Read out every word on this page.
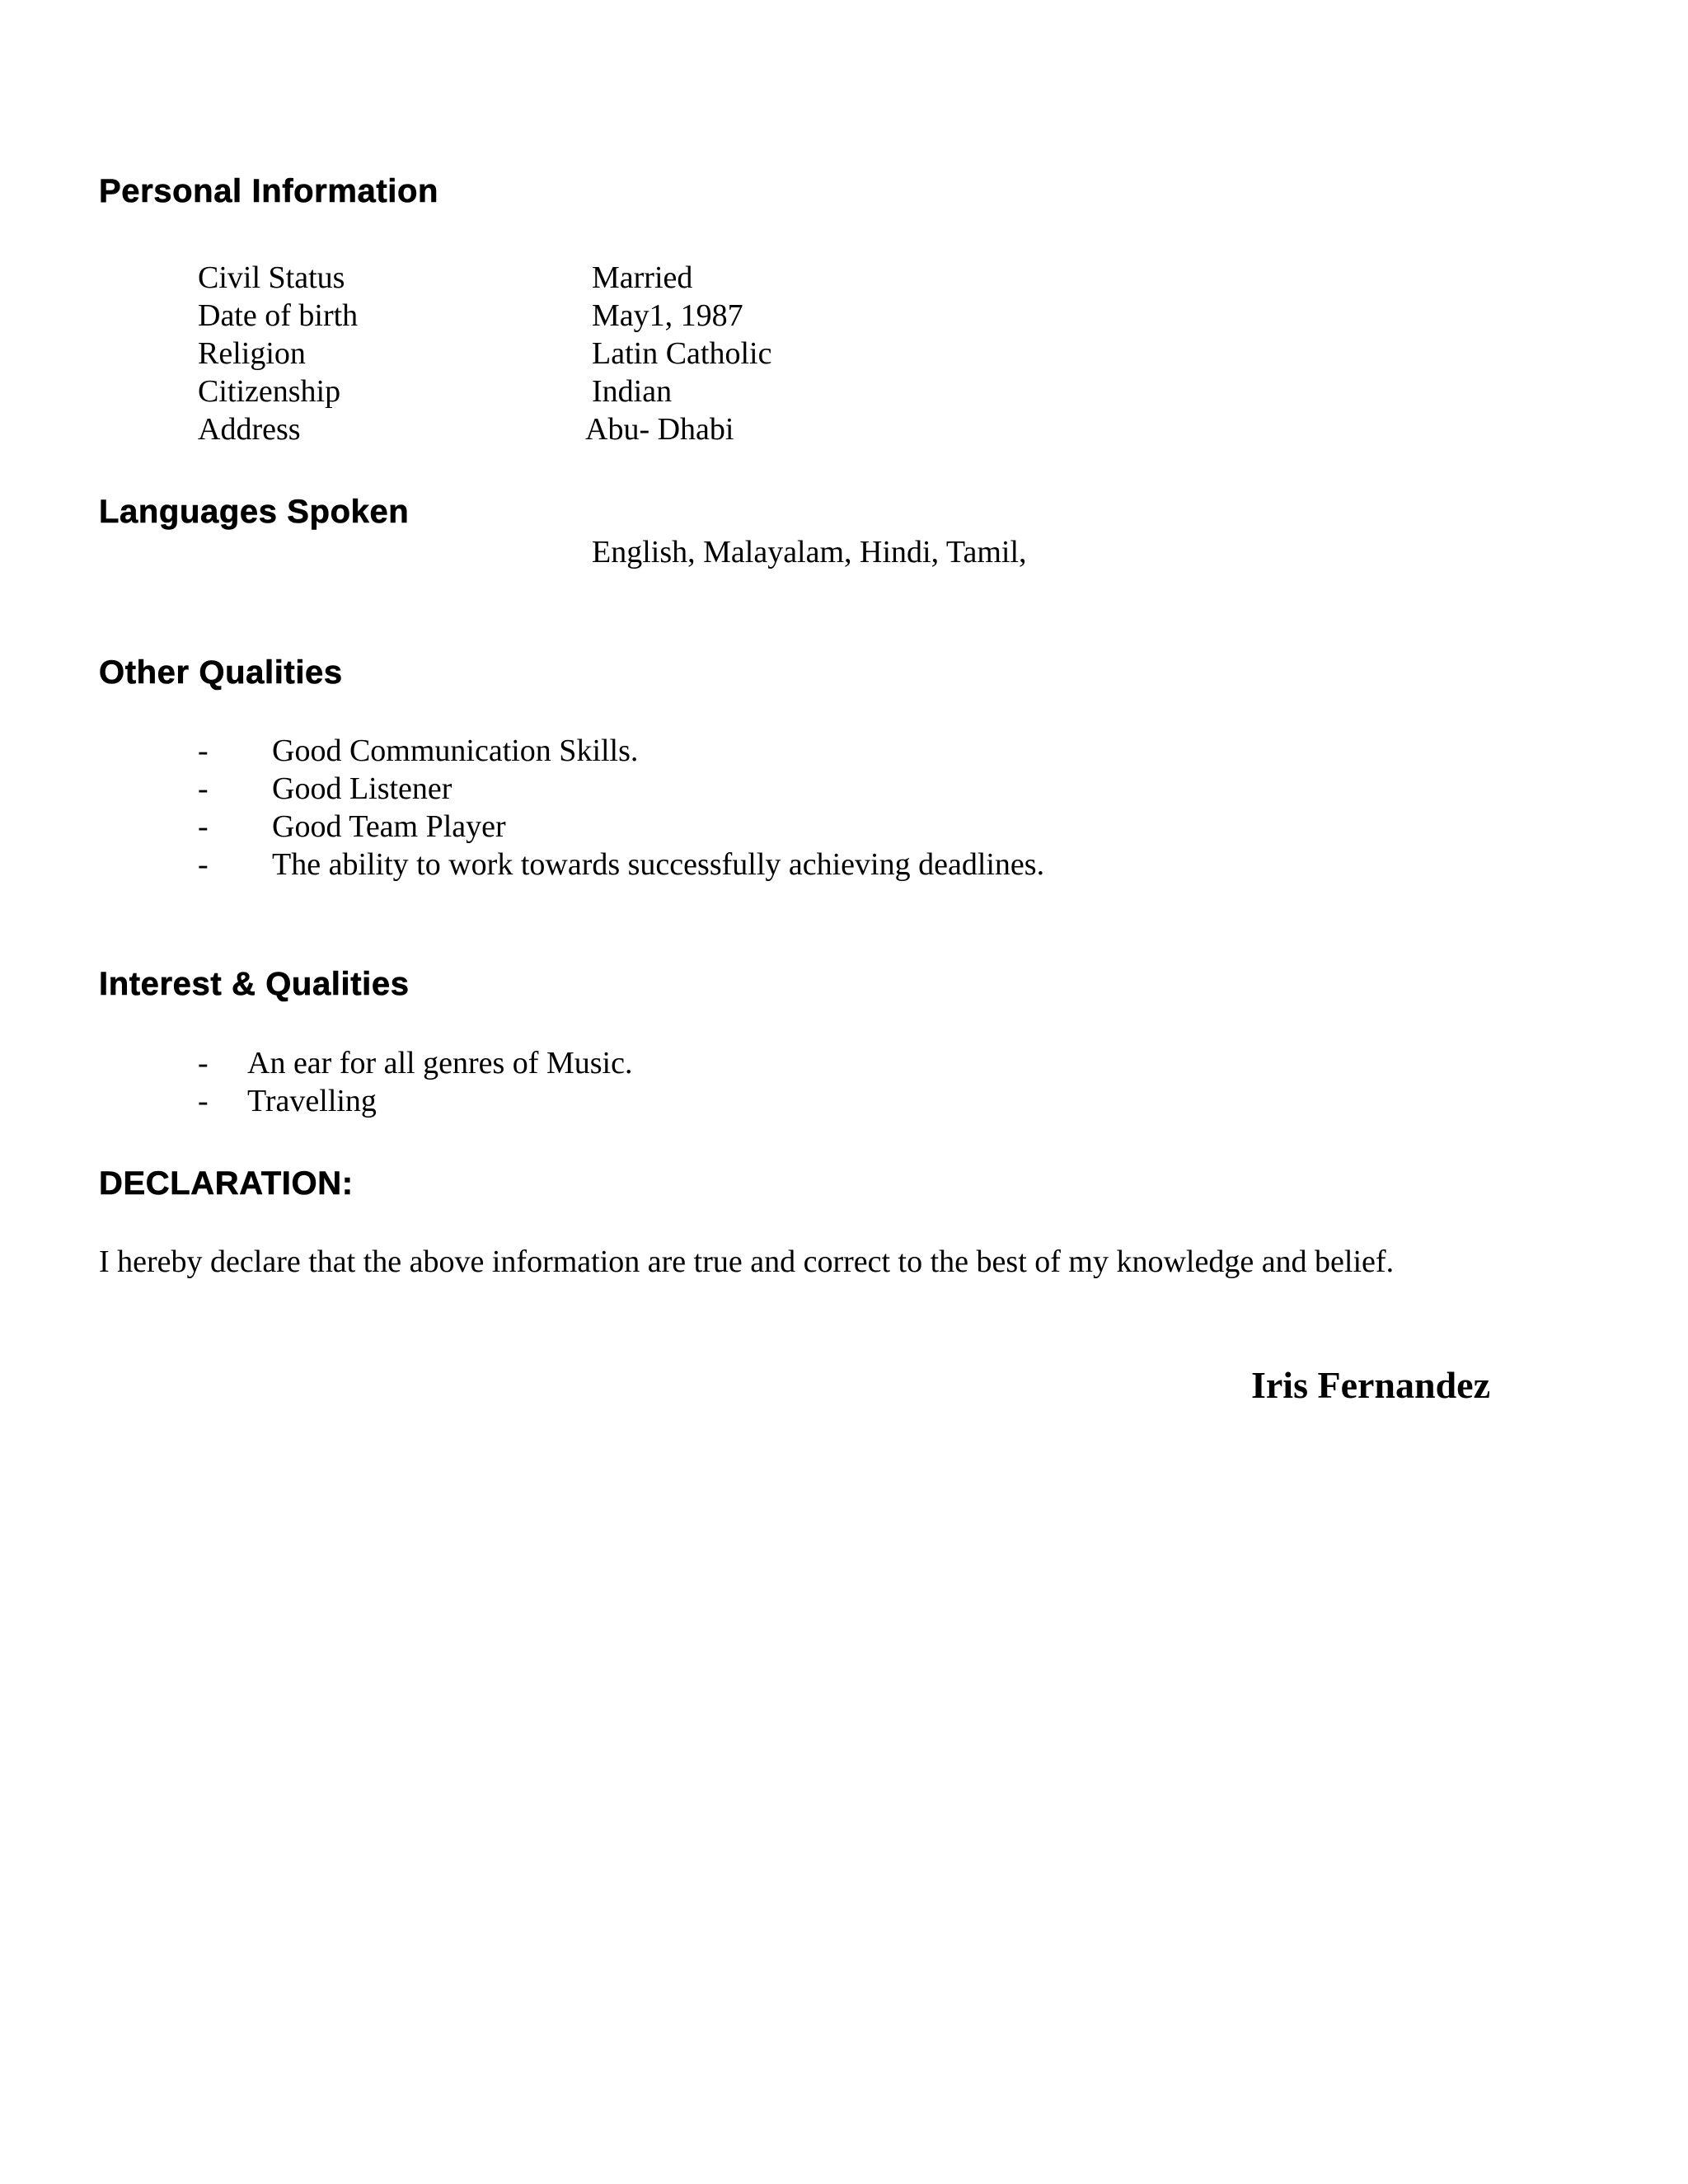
Personal Information
Civil Status	Married
Date of birth	May1, 1987
Religion	Latin Catholic
Citizenship	Indian
Address	Abu- Dhabi
Languages Spoken
English, Malayalam, Hindi, Tamil,
Other Qualities
- Good Communication Skills.
- Good Listener
- Good Team Player
- The ability to work towards successfully achieving deadlines.
Interest & Qualities
- An ear for all genres of Music.
- Travelling
DECLARATION:

I hereby declare that the above information are true and correct to the best of my knowledge and belief.

Iris Fernandez
